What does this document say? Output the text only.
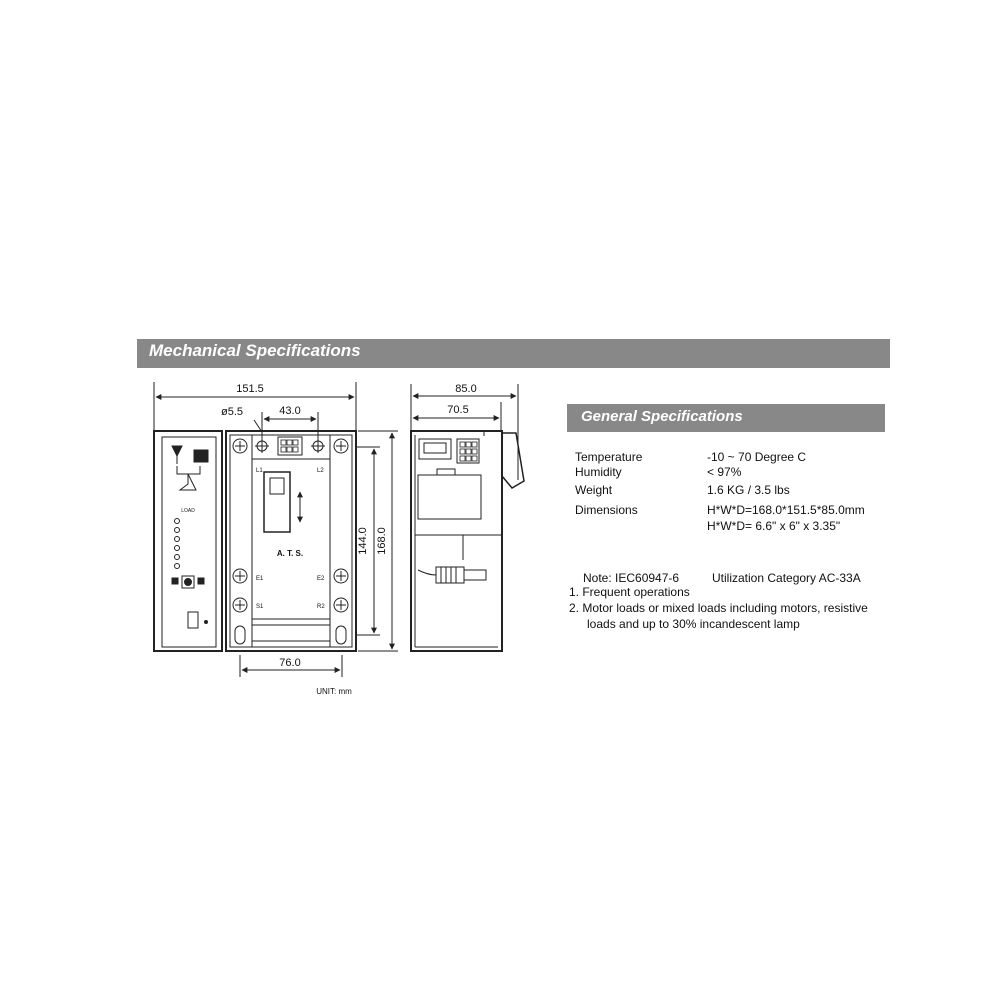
Mechanical Specifications
151.5
ø5.5	43.0
76.0
144.0 168.0
LOAD
A. T. S.
L1	L2
E1	E2
S1	R2
UNIT: mm
85.0
70.5	General Specifications
Temperature	-10 ~ 70 Degree C
Humidity	< 97%
Weight	1.6 KG / 3.5 lbs
Dimensions	H*W*D=168.0*151.5*85.0mm
H*W*D= 6.6" x 6" x 3.35"
Note: IEC60947-6	Utilization Category AC-33A
1. Frequent operations
2. Motor loads or mixed loads including motors, resistive
loads and up to 30% incandescent lamp
